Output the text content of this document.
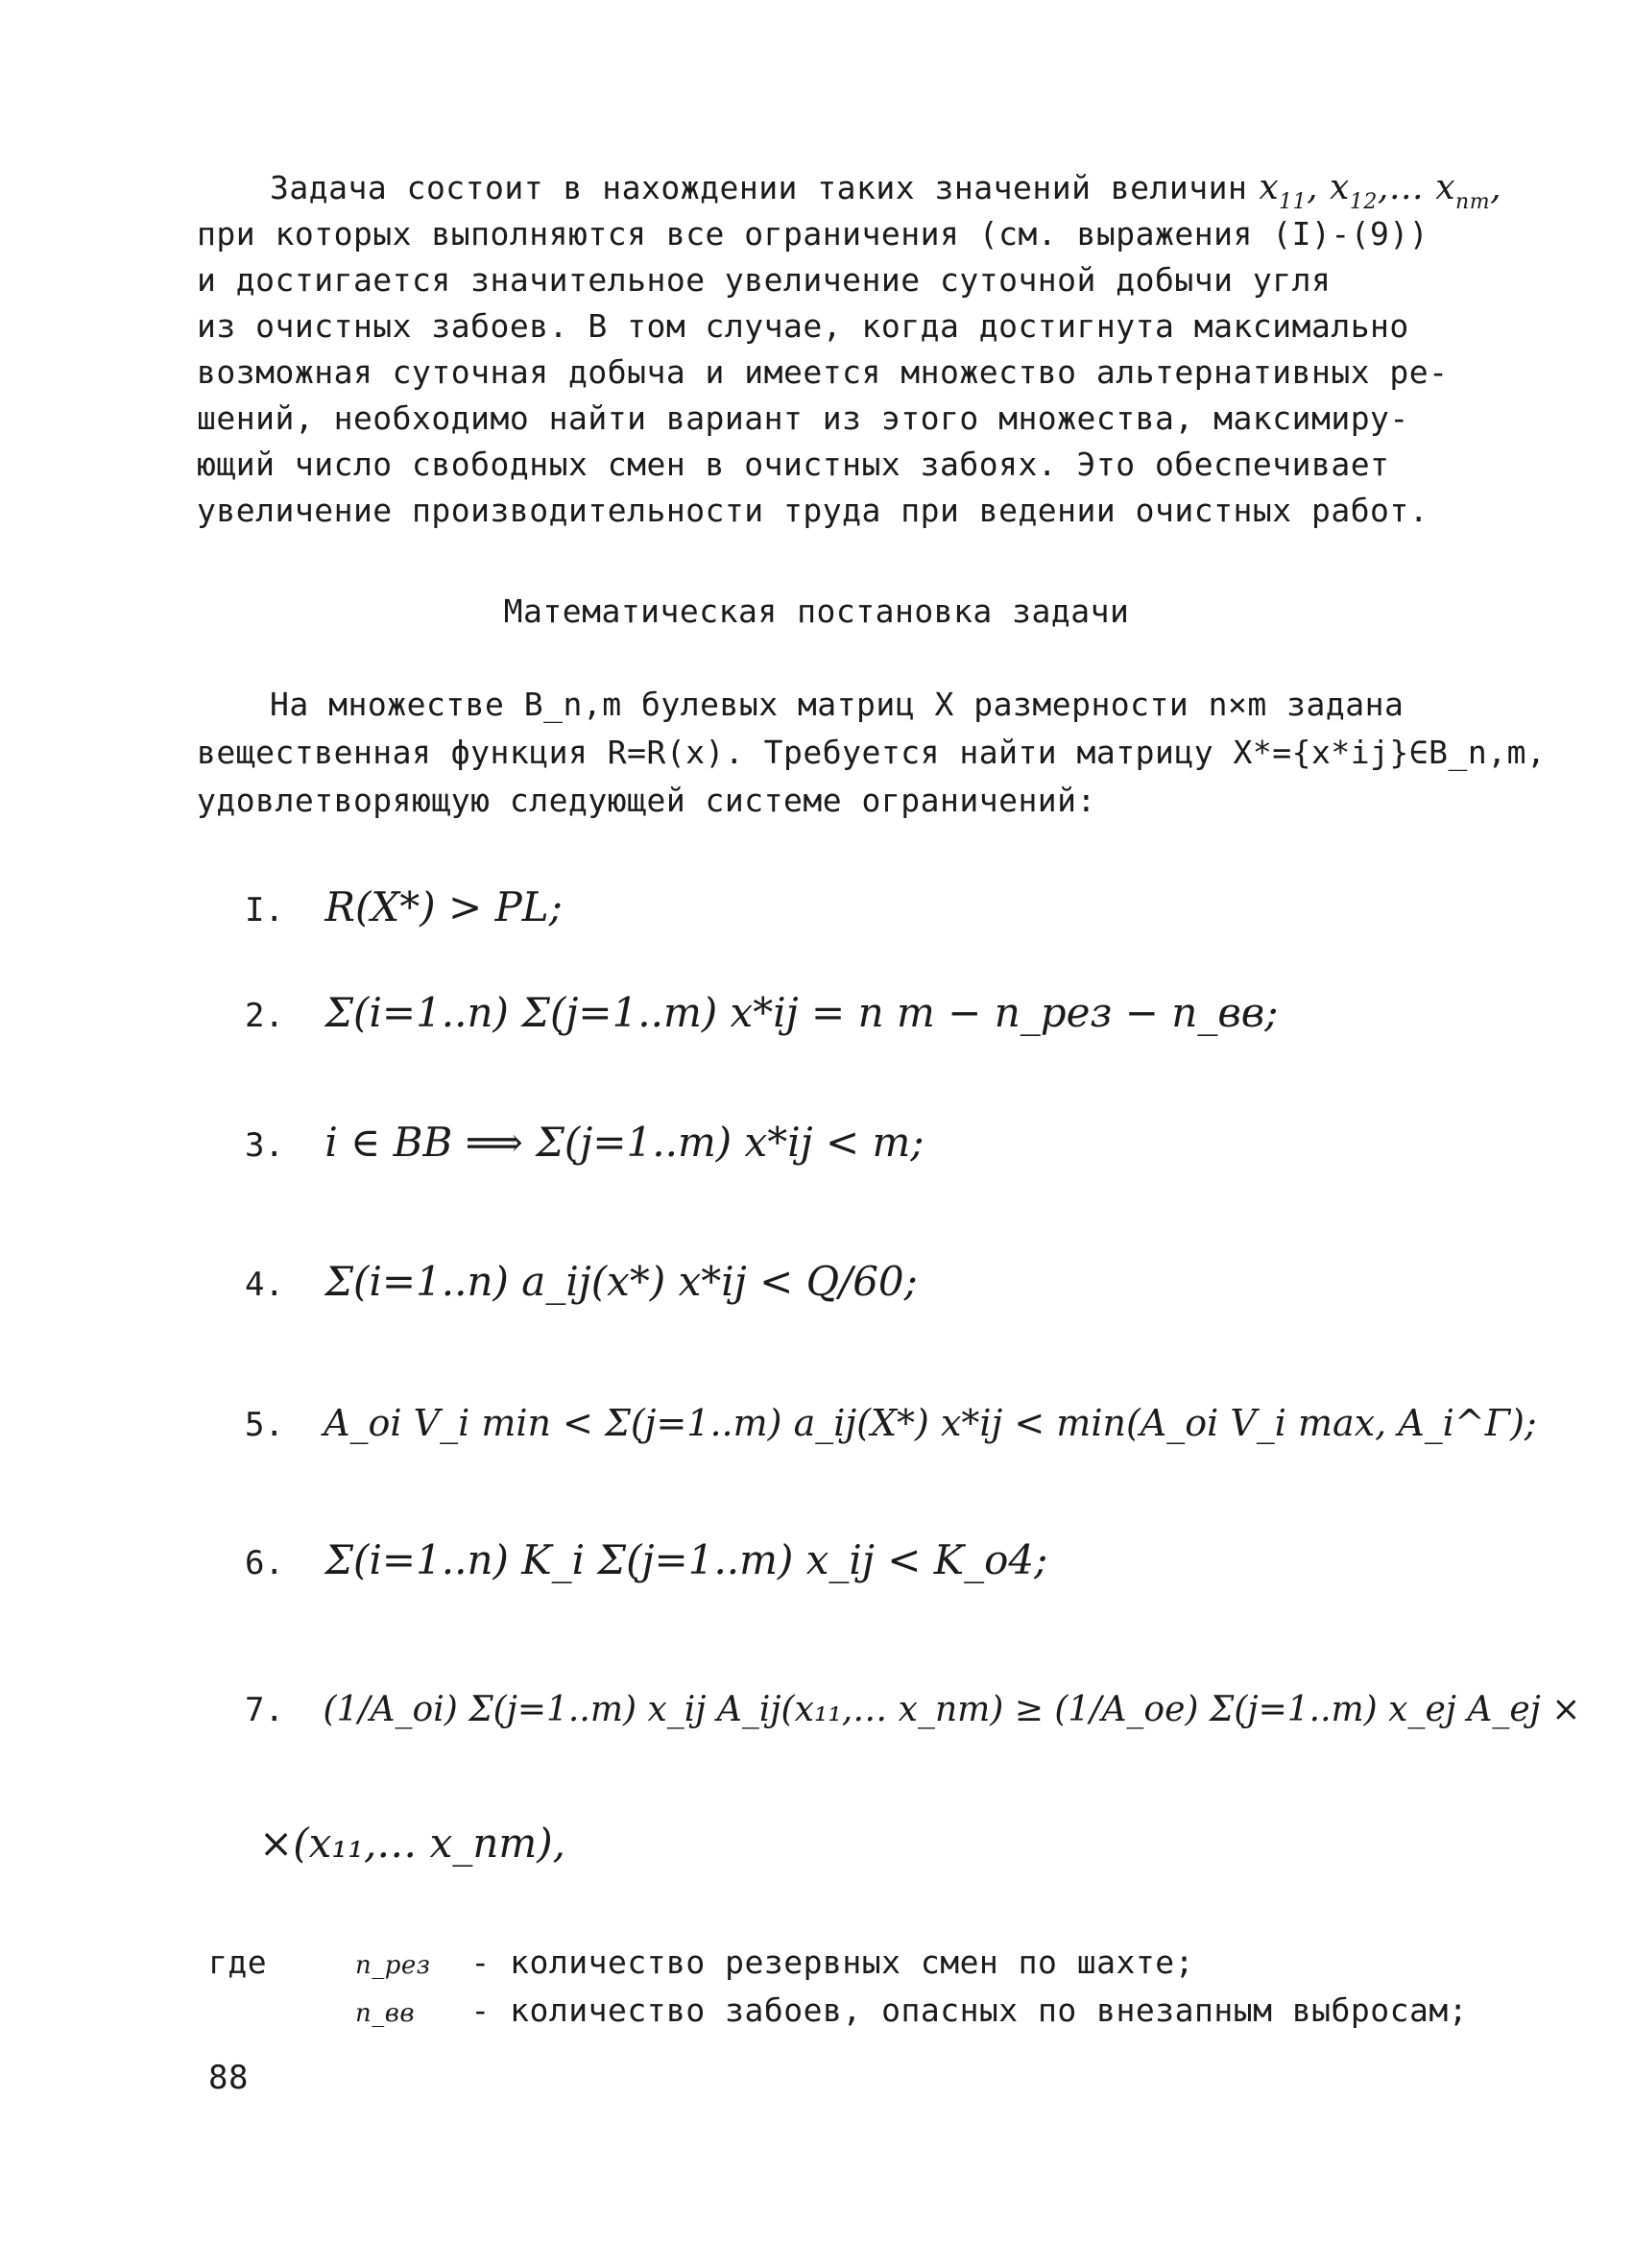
Задача состоит в нахождении таких значений величин $x_{11}$, $x_{12},\dots$ $x_{nm}$,
при которых выполняются все ограничения (см. выражения (I)-(9))
и достигается значительное увеличение суточной добычи угля
из очистных забоев. В том случае, когда достигнута максимально
возможная суточная добыча и имеется множество альтернативных ре-
шений, необходимо найти вариант из этого множества, максимиру-
ющий число свободных смен в очистных забоях. Это обеспечивает
увеличение производительности труда при ведении очистных работ.
Математическая постановка задачи
На множестве B_n,m булевых матриц X размерности n×m задана
вещественная функция R=R(x). Требуется найти матрицу X*={x*ij}∈B_n,m,
удовлетворяющую следующей системе ограничений:
I. R(X*) > PL;
2. Σ(i=1..n) Σ(j=1..m) x*ij = n m − n_рез − n_вв;
3. i ∈ BB ⟹ Σ(j=1..m) x*ij < m;
4. Σ(i=1..n) a_ij(x*) x*ij < Q/60;
5. A_oi V_i min < Σ(j=1..m) a_ij(X*) x*ij < min(A_oi V_i max, A_i^Γ);
6. Σ(i=1..n) K_i Σ(j=1..m) x_ij < K_o4;
7. (1/A_oi) Σ(j=1..m) x_ij A_ij(x₁₁,… x_nm) ≥ (1/A_oe) Σ(j=1..m) x_ej A_ej ×
×(x₁₁,… x_nm),
где	n_рез - количество резервных смен по шахте;
n_вв - количество забоев, опасных по внезапным выбросам;
88
